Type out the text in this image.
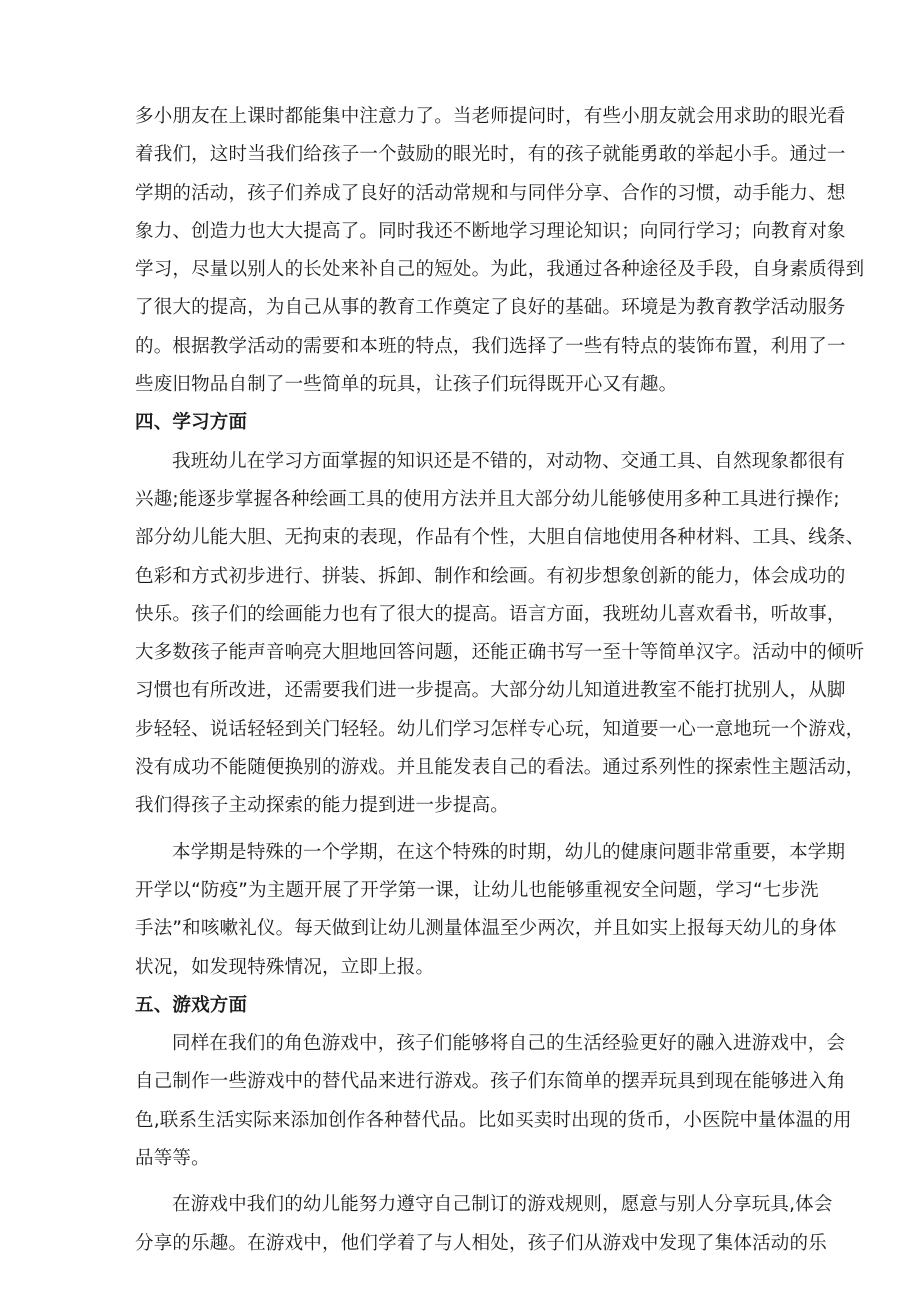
多小朋友在上课时都能集中注意力了。当老师提问时，有些小朋友就会用求助的眼光看
着我们，这时当我们给孩子一个鼓励的眼光时，有的孩子就能勇敢的举起小手。通过一
学期的活动，孩子们养成了良好的活动常规和与同伴分享、合作的习惯，动手能力、想
象力、创造力也大大提高了。同时我还不断地学习理论知识；向同行学习；向教育对象
学习，尽量以别人的长处来补自己的短处。为此，我通过各种途径及手段，自身素质得到
了很大的提高，为自己从事的教育工作奠定了良好的基础。环境是为教育教学活动服务
的。根据教学活动的需要和本班的特点，我们选择了一些有特点的装饰布置，利用了一
些废旧物品自制了一些简单的玩具，让孩子们玩得既开心又有趣。
四、学习方面
我班幼儿在学习方面掌握的知识还是不错的，对动物、交通工具、自然现象都很有
兴趣;能逐步掌握各种绘画工具的使用方法并且大部分幼儿能够使用多种工具进行操作;
部分幼儿能大胆、无拘束的表现，作品有个性，大胆自信地使用各种材料、工具、线条、
色彩和方式初步进行、拼装、拆卸、制作和绘画。有初步想象创新的能力，体会成功的
快乐。孩子们的绘画能力也有了很大的提高。语言方面，我班幼儿喜欢看书，听故事，
大多数孩子能声音响亮大胆地回答问题，还能正确书写一至十等简单汉字。活动中的倾听
习惯也有所改进，还需要我们进一步提高。大部分幼儿知道进教室不能打扰别人，从脚
步轻轻、说话轻轻到关门轻轻。幼儿们学习怎样专心玩，知道要一心一意地玩一个游戏，
没有成功不能随便换别的游戏。并且能发表自己的看法。通过系列性的探索性主题活动，
我们得孩子主动探索的能力提到进一步提高。
本学期是特殊的一个学期，在这个特殊的时期，幼儿的健康问题非常重要，本学期
开学以“防疫”为主题开展了开学第一课，让幼儿也能够重视安全问题，学习“七步洗
手法”和咳嗽礼仪。每天做到让幼儿测量体温至少两次，并且如实上报每天幼儿的身体
状况，如发现特殊情况，立即上报。
五、游戏方面
同样在我们的角色游戏中，孩子们能够将自己的生活经验更好的融入进游戏中，会
自己制作一些游戏中的替代品来进行游戏。孩子们东简单的摆弄玩具到现在能够进入角
色,联系生活实际来添加创作各种替代品。比如买卖时出现的货币，小医院中量体温的用
品等等。
在游戏中我们的幼儿能努力遵守自己制订的游戏规则，愿意与别人分享玩具,体会
分享的乐趣。在游戏中，他们学着了与人相处，孩子们从游戏中发现了集体活动的乐
